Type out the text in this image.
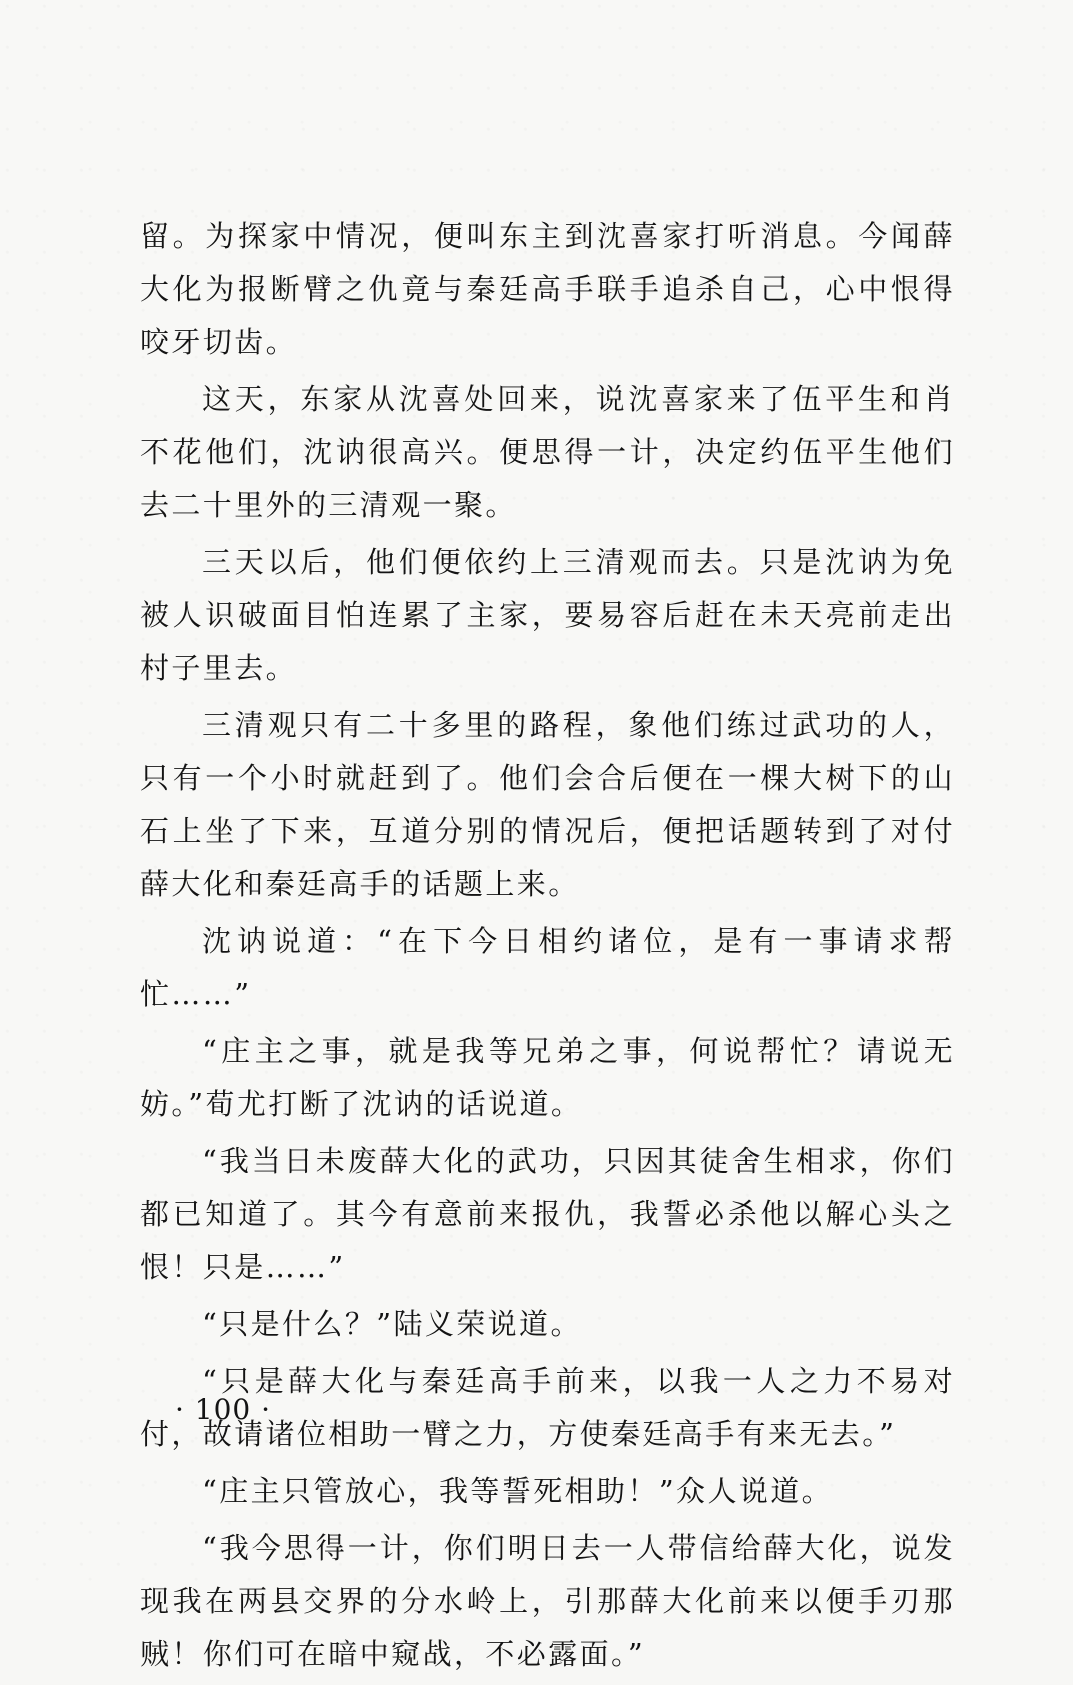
留。为探家中情况，便叫东主到沈喜家打听消息。今闻薛大化为报断臂之仇竟与秦廷高手联手追杀自己，心中恨得咬牙切齿。

这天，东家从沈喜处回来，说沈喜家来了伍平生和肖不花他们，沈讷很高兴。便思得一计，决定约伍平生他们去二十里外的三清观一聚。

三天以后，他们便依约上三清观而去。只是沈讷为免被人识破面目怕连累了主家，要易容后赶在未天亮前走出村子里去。

三清观只有二十多里的路程，象他们练过武功的人，只有一个小时就赶到了。他们会合后便在一棵大树下的山石上坐了下来，互道分别的情况后，便把话题转到了对付薛大化和秦廷高手的话题上来。

沈讷说道：“在下今日相约诸位，是有一事请求帮忙……”

“庄主之事，就是我等兄弟之事，何说帮忙？请说无妨。”荀尤打断了沈讷的话说道。

“我当日未废薛大化的武功，只因其徒舍生相求，你们都已知道了。其今有意前来报仇，我誓必杀他以解心头之恨！只是……”

“只是什么？”陆义荣说道。

“只是薛大化与秦廷高手前来，以我一人之力不易对付，故请诸位相助一臂之力，方使秦廷高手有来无去。”

“庄主只管放心，我等誓死相助！”众人说道。

“我今思得一计，你们明日去一人带信给薛大化，说发现我在两县交界的分水岭上，引那薛大化前来以便手刃那贼！你们可在暗中窥战，不必露面。”

· 100 ·
